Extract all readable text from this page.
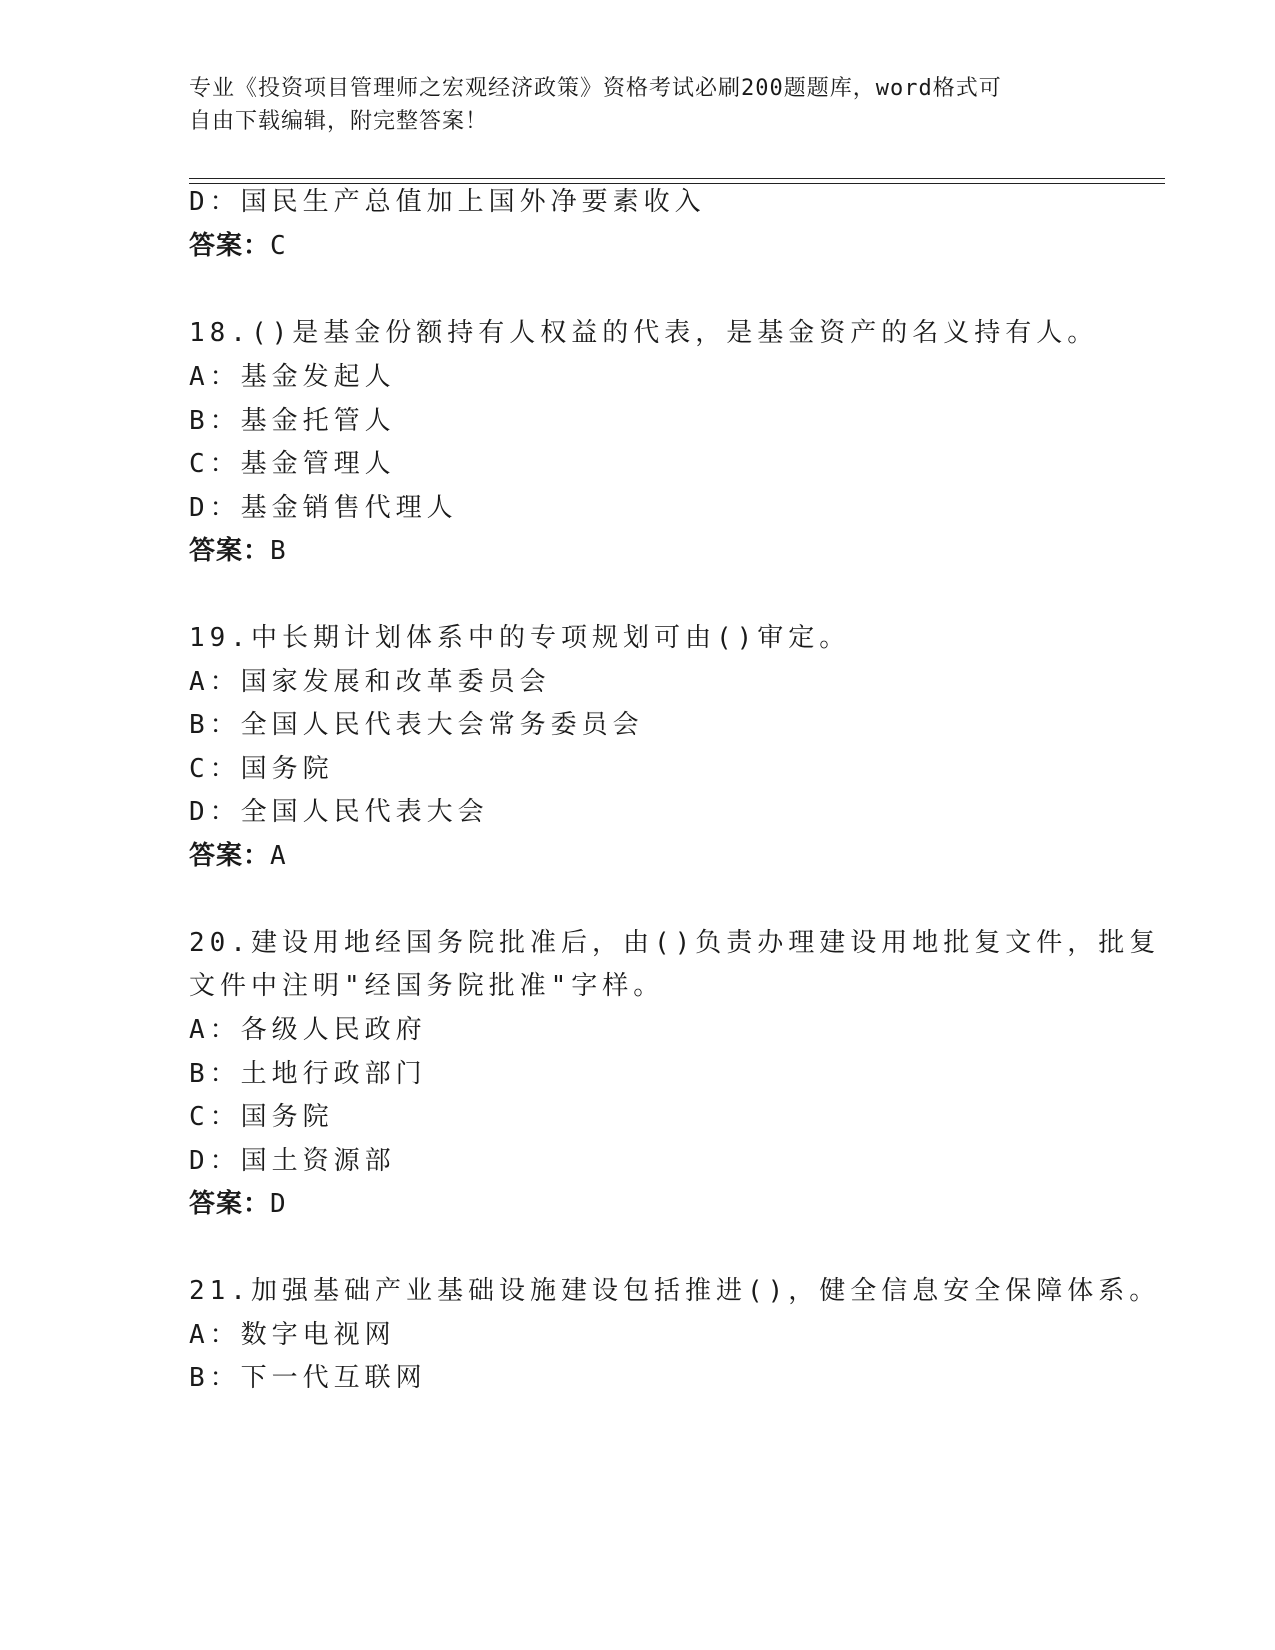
专业《投资项目管理师之宏观经济政策》资格考试必刷200题题库，word格式可
自由下载编辑，附完整答案！
D：国民生产总值加上国外净要素收入
答案：C
18.()是基金份额持有人权益的代表，是基金资产的名义持有人。
A：基金发起人
B：基金托管人
C：基金管理人
D：基金销售代理人
答案：B
19.中长期计划体系中的专项规划可由()审定。
A：国家发展和改革委员会
B：全国人民代表大会常务委员会
C：国务院
D：全国人民代表大会
答案：A
20.建设用地经国务院批准后，由()负责办理建设用地批复文件，批复
文件中注明"经国务院批准"字样。
A：各级人民政府
B：土地行政部门
C：国务院
D：国土资源部
答案：D
21.加强基础产业基础设施建设包括推进()，健全信息安全保障体系。
A：数字电视网
B：下一代互联网
